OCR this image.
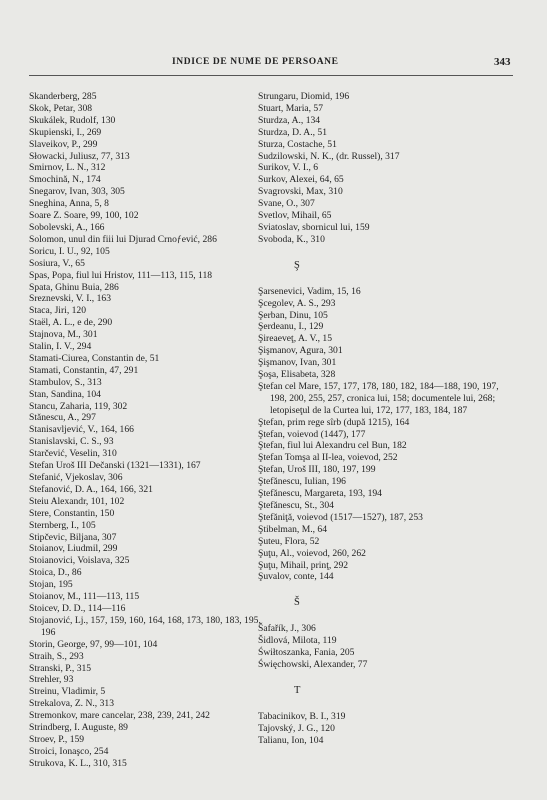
INDICE DE NUME DE PERSOANE	343
Skanderberg, 285
Skok, Petar, 308
Skukálek, Rudolf, 130
Skupienski, I., 269
Slaveikov, P., 299
Słowacki, Juliusz, 77, 313
Smirnov, L. N., 312
Smochină, N., 174
Snegarov, Ivan, 303, 305
Sneghina, Anna, 5, 8
Soare Z. Soare, 99, 100, 102
Sobolevski, A., 166
Solomon, unul din fiii lui Djurad Crnoƒević, 286
Soricu, I. U., 92, 105
Sosiura, V., 65
Spas, Popa, fiul lui Hristov, 111—113, 115, 118
Spata, Ghinu Buia, 286
Sreznevski, V. I., 163
Staca, Jiri, 120
Staël, A. L., e de, 290
Stajnova, M., 301
Stalin, I. V., 294
Stamati-Ciurea, Constantin de, 51
Stamati, Constantin, 47, 291
Stambulov, S., 313
Stan, Sandina, 104
Stancu, Zaharia, 119, 302
Stănescu, A., 297
Stanisavljević, V., 164, 166
Stanislavski, C. S., 93
Starčević, Veselin, 310
Stefan Uroš III Dečanski (1321—1331), 167
Stefanić, Vjekoslav, 306
Stefanović, D. A., 164, 166, 321
Steiu Alexandr, 101, 102
Stere, Constantin, 150
Sternberg, I., 105
Stipčevic, Biljana, 307
Stoianov, Liudmil, 299
Stoianovici, Voislava, 325
Stoica, D., 86
Stojan, 195
Stoianov, M., 111—113, 115
Stoicev, D. D., 114—116
Stojanović, Lj., 157, 159, 160, 164, 168, 173, 180, 183, 195, 196
Storin, George, 97, 99—101, 104
Straih, S., 293
Stranski, P., 315
Strehler, 93
Streinu, Vladimir, 5
Strekalova, Z. N., 313
Stremonkov, mare cancelar, 238, 239, 241, 242
Strindberg, I. Auguste, 89
Stroev, P., 159
Stroici, Ionaşco, 254
Strukova, K. L., 310, 315
Strungaru, Diomid, 196
Stuart, Maria, 57
Sturdza, A., 134
Sturdza, D. A., 51
Sturza, Costache, 51
Sudzilowski, N. K., (dr. Russel), 317
Surikov, V. I., 6
Surkov, Alexei, 64, 65
Svagrovski, Max, 310
Svane, O., 307
Svetlov, Mihail, 65
Sviatoslav, sbornicul lui, 159
Svoboda, K., 310
Ş
Şarsenevici, Vadim, 15, 16
Şcegolev, A. S., 293
Şerban, Dinu, 105
Şerdeanu, I., 129
Şireaeveţ, A. V., 15
Şişmanov, Agura, 301
Şişmanov, Ivan, 301
Şoşa, Elisabeta, 328
Ştefan cel Mare, 157, 177, 178, 180, 182, 184—188, 190, 197, 198, 200, 255, 257, cronica lui, 158; documentele lui, 268; letopiseţul de la Curtea lui, 172, 177, 183, 184, 187
Ştefan, prim rege sîrb (după 1215), 164
Ştefan, voievod (1447), 177
Ştefan, fiul lui Alexandru cel Bun, 182
Ştefan Tomşa al II-lea, voievod, 252
Ştefan, Uroš III, 180, 197, 199
Ştefănescu, Iulian, 196
Ştefănescu, Margareta, 193, 194
Ştefănescu, St., 304
Ştefăniţă, voievod (1517—1527), 187, 253
Ştibelman, M., 64
Şuteu, Flora, 52
Şuţu, Al., voievod, 260, 262
Şuţu, Mihail, prinţ, 292
Şuvalov, conte, 144
Š
Šafařík, J., 306
Šidlová, Milota, 119
Świłtoszanka, Fania, 205
Święchowski, Alexander, 77
T
Tabacinikov, B. I., 319
Tajovský, J. G., 120
Talianu, Ion, 104
